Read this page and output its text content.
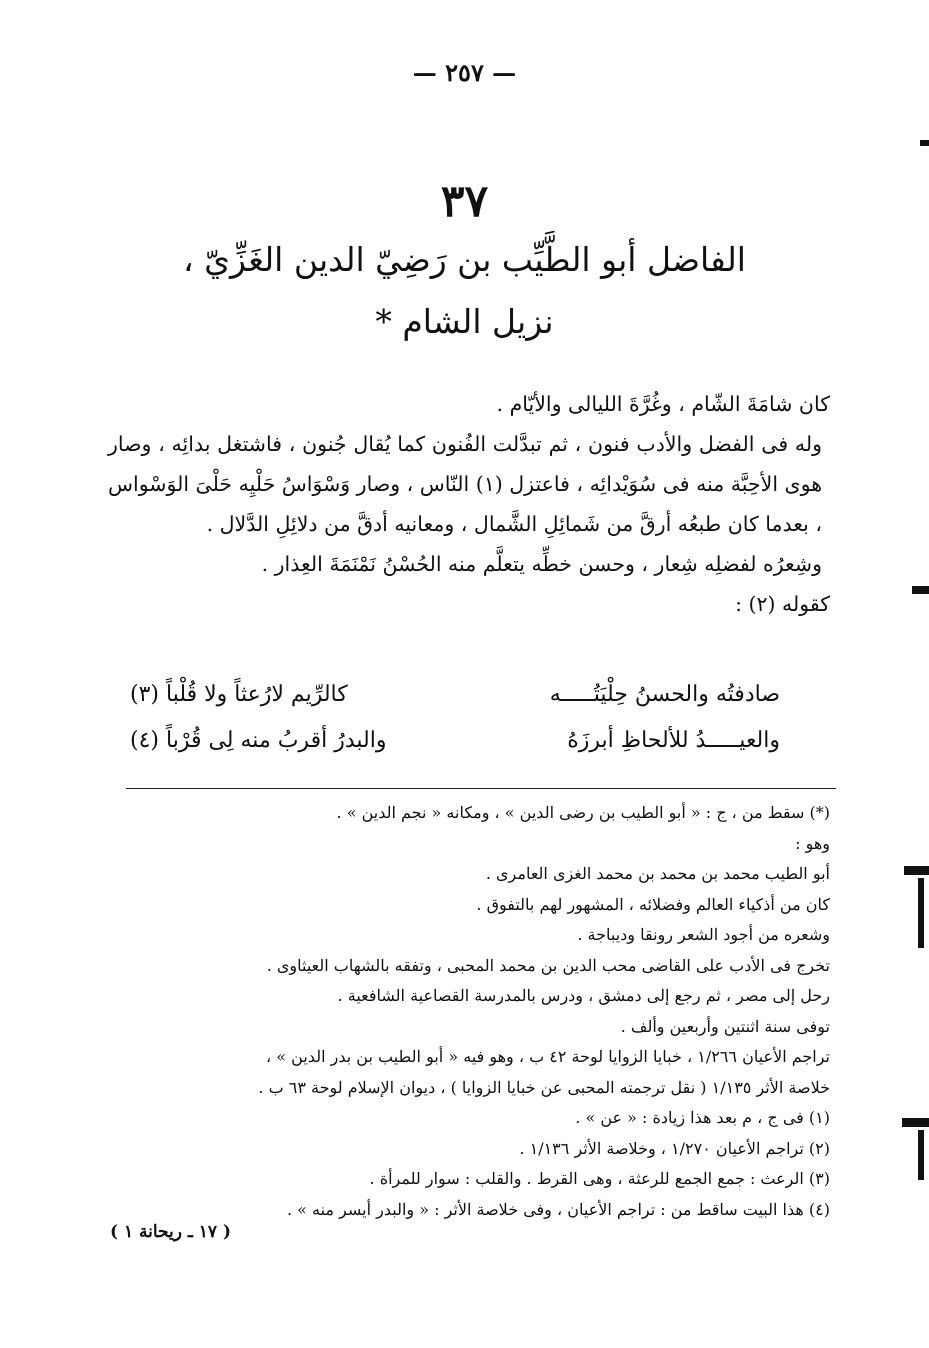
— ٢٥٧ —
٣٧
الفاضل أبو الطَّيِّب بن رَضِيّ الدين الغَزِّيّ ،
نزيل الشام *

كان شامَةَ الشّام ، وغُرَّةَ الليالى والأيّام .

وله فى الفضل والأدب فنون ، ثم تبدَّلت الفُنون كما يُقال جُنون ، فاشتغل بدائِه ، وصار هوى الأحِبَّة منه فى سُوَيْدائِه ، فاعتزل (١) النّاس ، وصار وَسْوَاسُ حَلْيِه حَلْىَ الوَسْواس ، بعدما كان طبعُه أرقَّ من شَمائِلِ الشَّمال ، ومعانيه أدقَّ من دلائِلِ الدَّلال .

وشِعرُه لفضلِه شِعار ، وحسن خطِّه يتعلَّم منه الحُسْنُ نَمْنَمَةَ العِذار .

كقوله (٢) :

صادفتُه والحسنُ حِلْيَتُـــــه
كالرِّيم لارُعثاً ولا قُلْباً (٣)
والعيـــــدُ للألحاظِ أبرزَهُ
والبدرُ أقربُ منه لِى قُرْباً (٤)
(*) سقط من ، ج : « أبو الطيب بن رضى الدين » ، ومكانه « نجم الدين » .
وهو :
أبو الطيب محمد بن محمد بن محمد الغزى العامرى .
كان من أذكياء العالم وفضلائه ، المشهور لهم بالتفوق .
وشعره من أجود الشعر رونقا وديباجة .
تخرج فى الأدب على القاضى محب الدين بن محمد المحبى ، وتفقه بالشهاب العيثاوى .
رحل إلى مصر ، ثم رجع إلى دمشق ، ودرس بالمدرسة القصاعية الشافعية .
توفى سنة اثنتين وأربعين وألف .
تراجم الأعيان ١/٢٦٦ ، خبايا الزوايا لوحة ٤٢ ب ، وهو فيه « أبو الطيب بن بدر الدين » ،
خلاصة الأثر ١/١٣٥ ( نقل ترجمته المحبى عن خبايا الزوايا ) ، ديوان الإسلام لوحة ٦٣ ب .
(١) فى ج ، م بعد هذا زيادة : « عن » .
(٢) تراجم الأعيان ١/٢٧٠ ، وخلاصة الأثر ١/١٣٦ .
(٣) الرعث : جمع الجمع للرعثة ، وهى القرط . والقلب : سوار للمرأة .
(٤) هذا البيت ساقط من : تراجم الأعيان ، وفى خلاصة الأثر : « والبدر أيسر منه » .
( ١٧ ـ ريحانة ١ )
